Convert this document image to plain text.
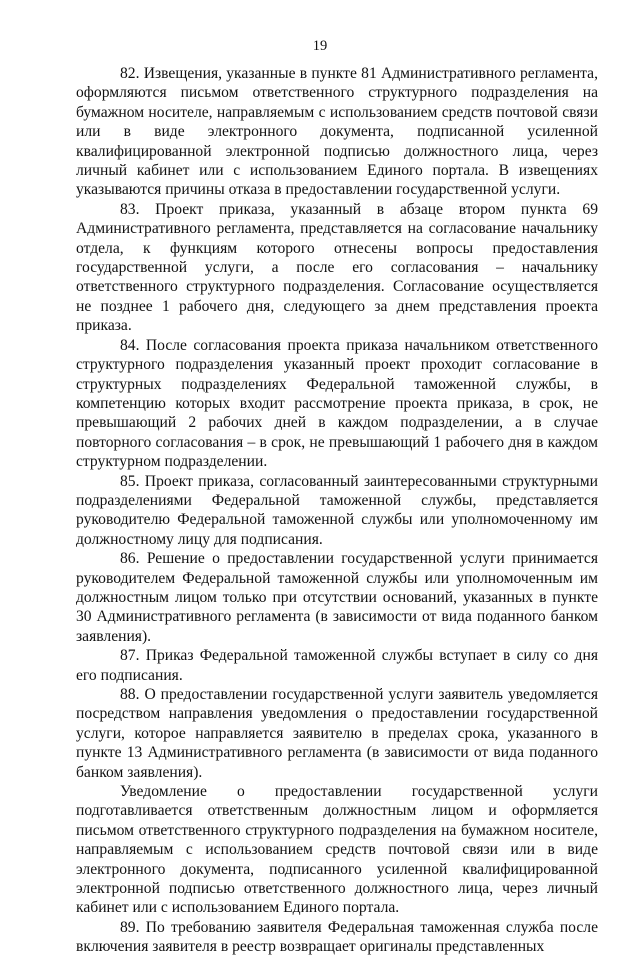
19

82. Извещения, указанные в пункте 81 Административного регламента, оформляются письмом ответственного структурного подразделения на бумажном носителе, направляемым с использованием средств почтовой связи или в виде электронного документа, подписанной усиленной квалифицированной электронной подписью должностного лица, через личный кабинет или с использованием Единого портала. В извещениях указываются причины отказа в предоставлении государственной услуги.

83. Проект приказа, указанный в абзаце втором пункта 69 Административного регламента, представляется на согласование начальнику отдела, к функциям которого отнесены вопросы предоставления государственной услуги, а после его согласования – начальнику ответственного структурного подразделения. Согласование осуществляется не позднее 1 рабочего дня, следующего за днем представления проекта приказа.

84. После согласования проекта приказа начальником ответственного структурного подразделения указанный проект проходит согласование в структурных подразделениях Федеральной таможенной службы, в компетенцию которых входит рассмотрение проекта приказа, в срок, не превышающий 2 рабочих дней в каждом подразделении, а в случае повторного согласования – в срок, не превышающий 1 рабочего дня в каждом структурном подразделении.

85. Проект приказа, согласованный заинтересованными структурными подразделениями Федеральной таможенной службы, представляется руководителю Федеральной таможенной службы или уполномоченному им должностному лицу для подписания.

86. Решение о предоставлении государственной услуги принимается руководителем Федеральной таможенной службы или уполномоченным им должностным лицом только при отсутствии оснований, указанных в пункте 30 Административного регламента (в зависимости от вида поданного банком заявления).

87. Приказ Федеральной таможенной службы вступает в силу со дня его подписания.

88. О предоставлении государственной услуги заявитель уведомляется посредством направления уведомления о предоставлении государственной услуги, которое направляется заявителю в пределах срока, указанного в пункте 13 Административного регламента (в зависимости от вида поданного банком заявления).

Уведомление о предоставлении государственной услуги подготавливается ответственным должностным лицом и оформляется письмом ответственного структурного подразделения на бумажном носителе, направляемым с использованием средств почтовой связи или в виде электронного документа, подписанного усиленной квалифицированной электронной подписью ответственного должностного лица, через личный кабинет или с использованием Единого портала.

89. По требованию заявителя Федеральная таможенная служба после включения заявителя в реестр возвращает оригиналы представленных
